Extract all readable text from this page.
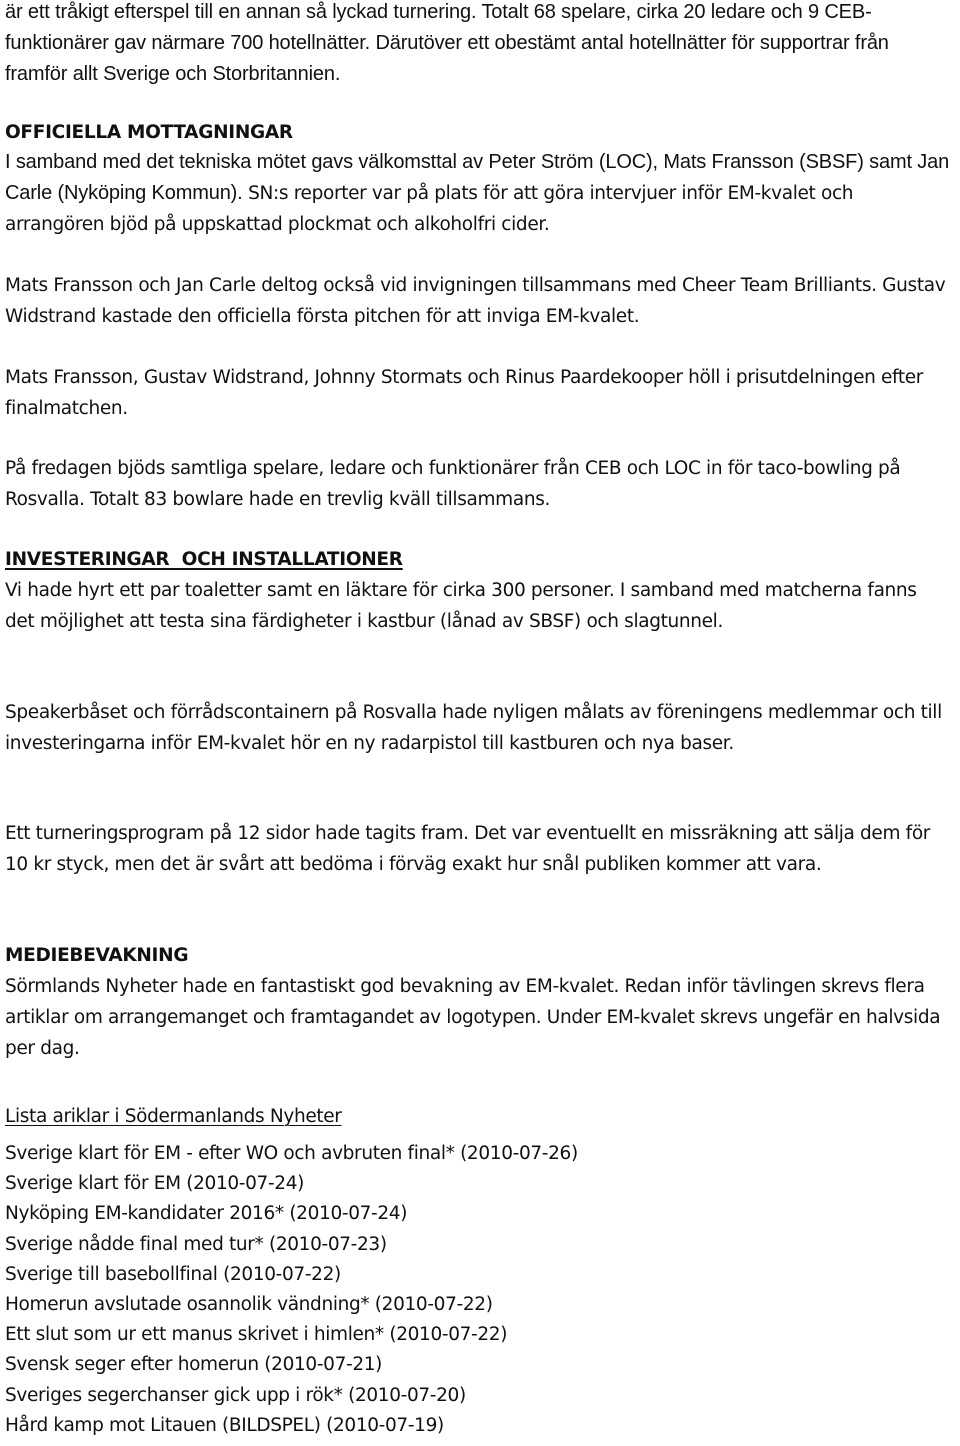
är ett tråkigt efterspel till en annan så lyckad turnering. Totalt 68 spelare, cirka 20 ledare och 9 CEB-funktionärer gav närmare 700 hotellnätter. Därutöver ett obestämt antal hotellnätter för supportrar från framför allt Sverige och Storbritannien.

OFFICIELLA MOTTAGNINGAR

I samband med det tekniska mötet gavs välkomsttal av Peter Ström (LOC), Mats Fransson (SBSF) samt Jan Carle (Nyköping Kommun). SN:s reporter var på plats för att göra intervjuer inför EM-kvalet och arrangören bjöd på uppskattad plockmat och alkoholfri cider.

Mats Fransson och Jan Carle deltog också vid invigningen tillsammans med Cheer Team Brilliants. Gustav Widstrand kastade den officiella första pitchen för att inviga EM-kvalet.

Mats Fransson, Gustav Widstrand, Johnny Stormats och Rinus Paardekooper höll i prisutdelningen efter finalmatchen.

På fredagen bjöds samtliga spelare, ledare och funktionärer från CEB och LOC in för taco-bowling på Rosvalla. Totalt 83 bowlare hade en trevlig kväll tillsammans.

INVESTERINGAR  OCH INSTALLATIONER

Vi hade hyrt ett par toaletter samt en läktare för cirka 300 personer. I samband med matcherna fanns det möjlighet att testa sina färdigheter i kastbur (lånad av SBSF) och slagtunnel.

Speakerbåset och förrådscontainern på Rosvalla hade nyligen målats av föreningens medlemmar och till investeringarna inför EM-kvalet hör en ny radarpistol till kastburen och nya baser.

Ett turneringsprogram på 12 sidor hade tagits fram. Det var eventuellt en missräkning att sälja dem för 10 kr styck, men det är svårt att bedöma i förväg exakt hur snål publiken kommer att vara.

MEDIEBEVAKNING

Sörmlands Nyheter hade en fantastiskt god bevakning av EM-kvalet. Redan inför tävlingen skrevs flera artiklar om arrangemanget och framtagandet av logotypen. Under EM-kvalet skrevs ungefär en halvsida per dag.

Lista ariklar i Södermanlands Nyheter

Sverige klart för EM - efter WO och avbruten final* (2010-07-26)
Sverige klart för EM (2010-07-24)
Nyköping EM-kandidater 2016* (2010-07-24)
Sverige nådde final med tur* (2010-07-23)
Sverige till basebollfinal (2010-07-22)
Homerun avslutade osannolik vändning* (2010-07-22)
Ett slut som ur ett manus skrivet i himlen* (2010-07-22)
Svensk seger efter homerun (2010-07-21)
Sveriges segerchanser gick upp i rök* (2010-07-20)
Hård kamp mot Litauen (BILDSPEL) (2010-07-19)
